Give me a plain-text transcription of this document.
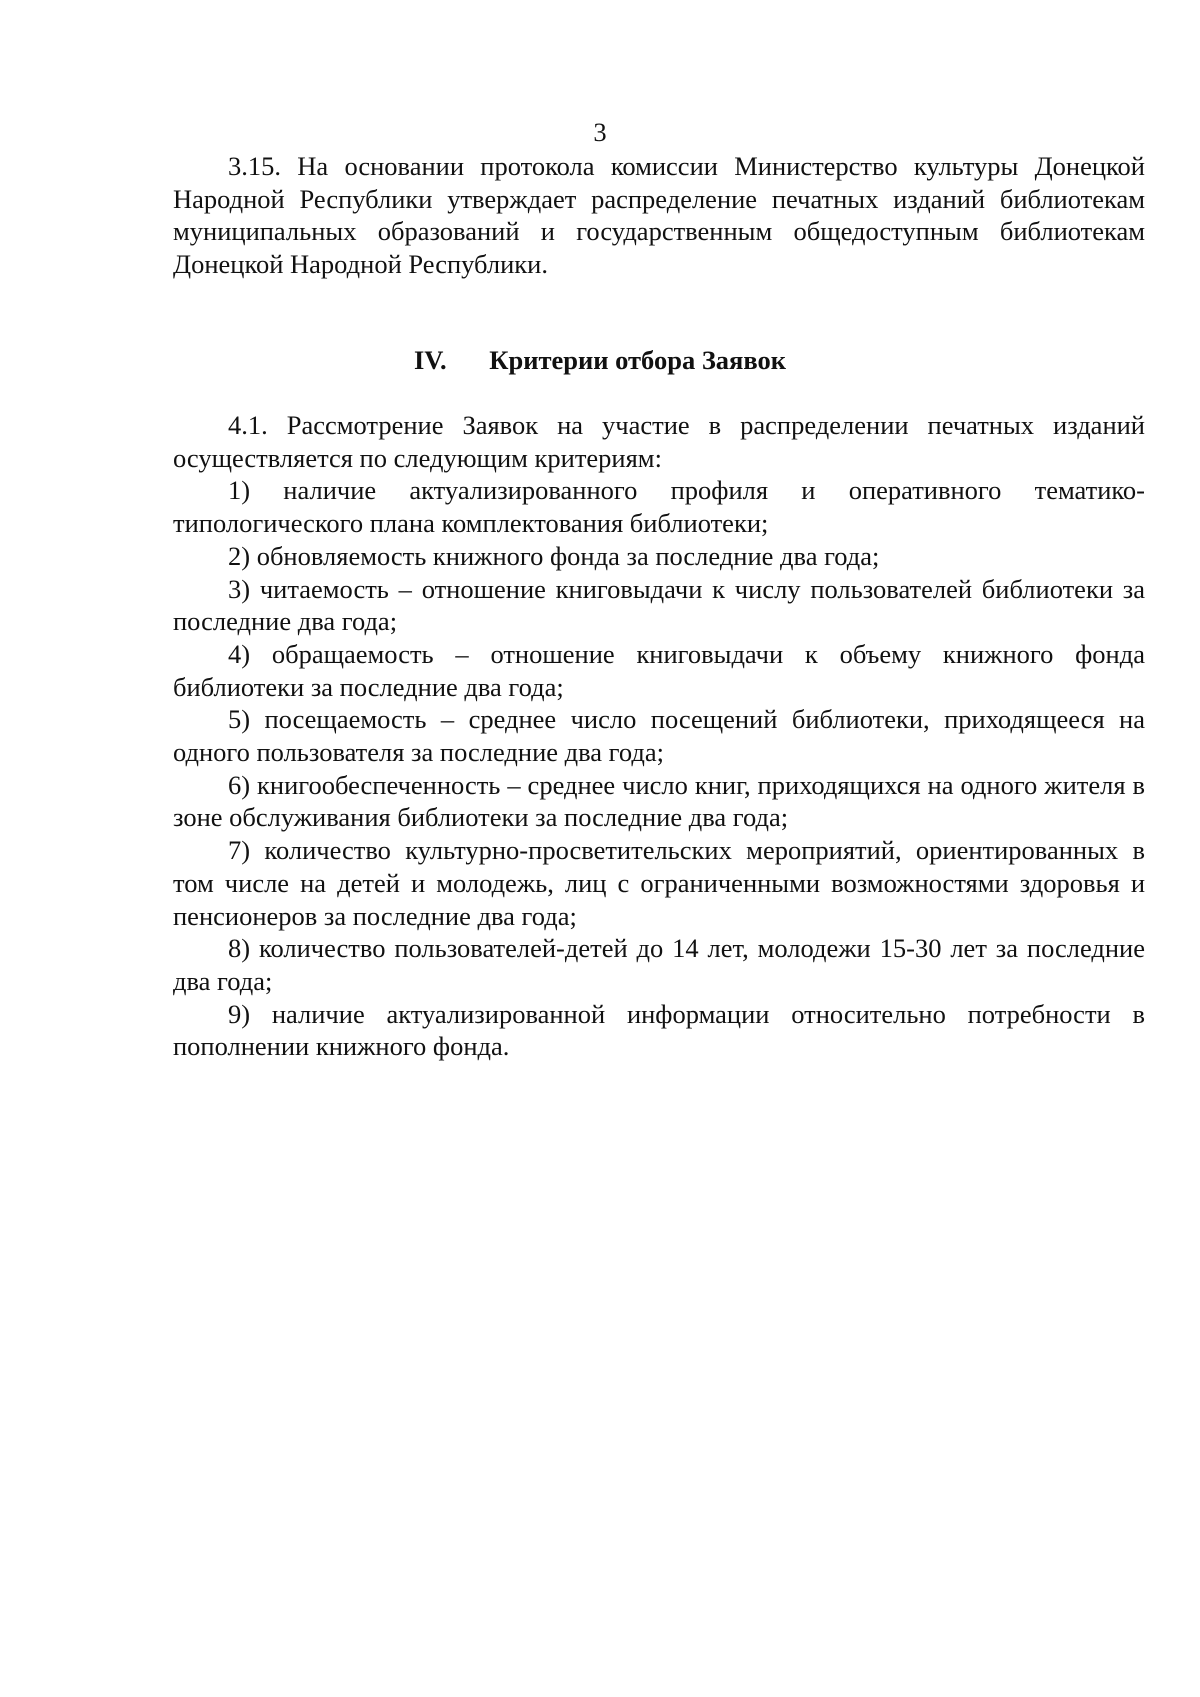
3

3.15. На основании протокола комиссии Министерство культуры Донецкой Народной Республики утверждает распределение печатных изданий библиотекам муниципальных образований и государственным общедоступным библиотекам Донецкой Народной Республики.

IV. Критерии отбора Заявок

4.1. Рассмотрение Заявок на участие в распределении печатных изданий осуществляется по следующим критериям:

1) наличие актуализированного профиля и оперативного тематико-типологического плана комплектования библиотеки;

2) обновляемость книжного фонда за последние два года;

3) читаемость – отношение книговыдачи к числу пользователей библиотеки за последние два года;

4) обращаемость – отношение книговыдачи к объему книжного фонда библиотеки за последние два года;

5) посещаемость – среднее число посещений библиотеки, приходящееся на одного пользователя за последние два года;

6) книгообеспеченность – среднее число книг, приходящихся на одного жителя в зоне обслуживания библиотеки за последние два года;

7) количество культурно-просветительских мероприятий, ориентированных в том числе на детей и молодежь, лиц с ограниченными возможностями здоровья и пенсионеров за последние два года;

8) количество пользователей-детей до 14 лет, молодежи 15-30 лет за последние два года;

9) наличие актуализированной информации относительно потребности в пополнении книжного фонда.
